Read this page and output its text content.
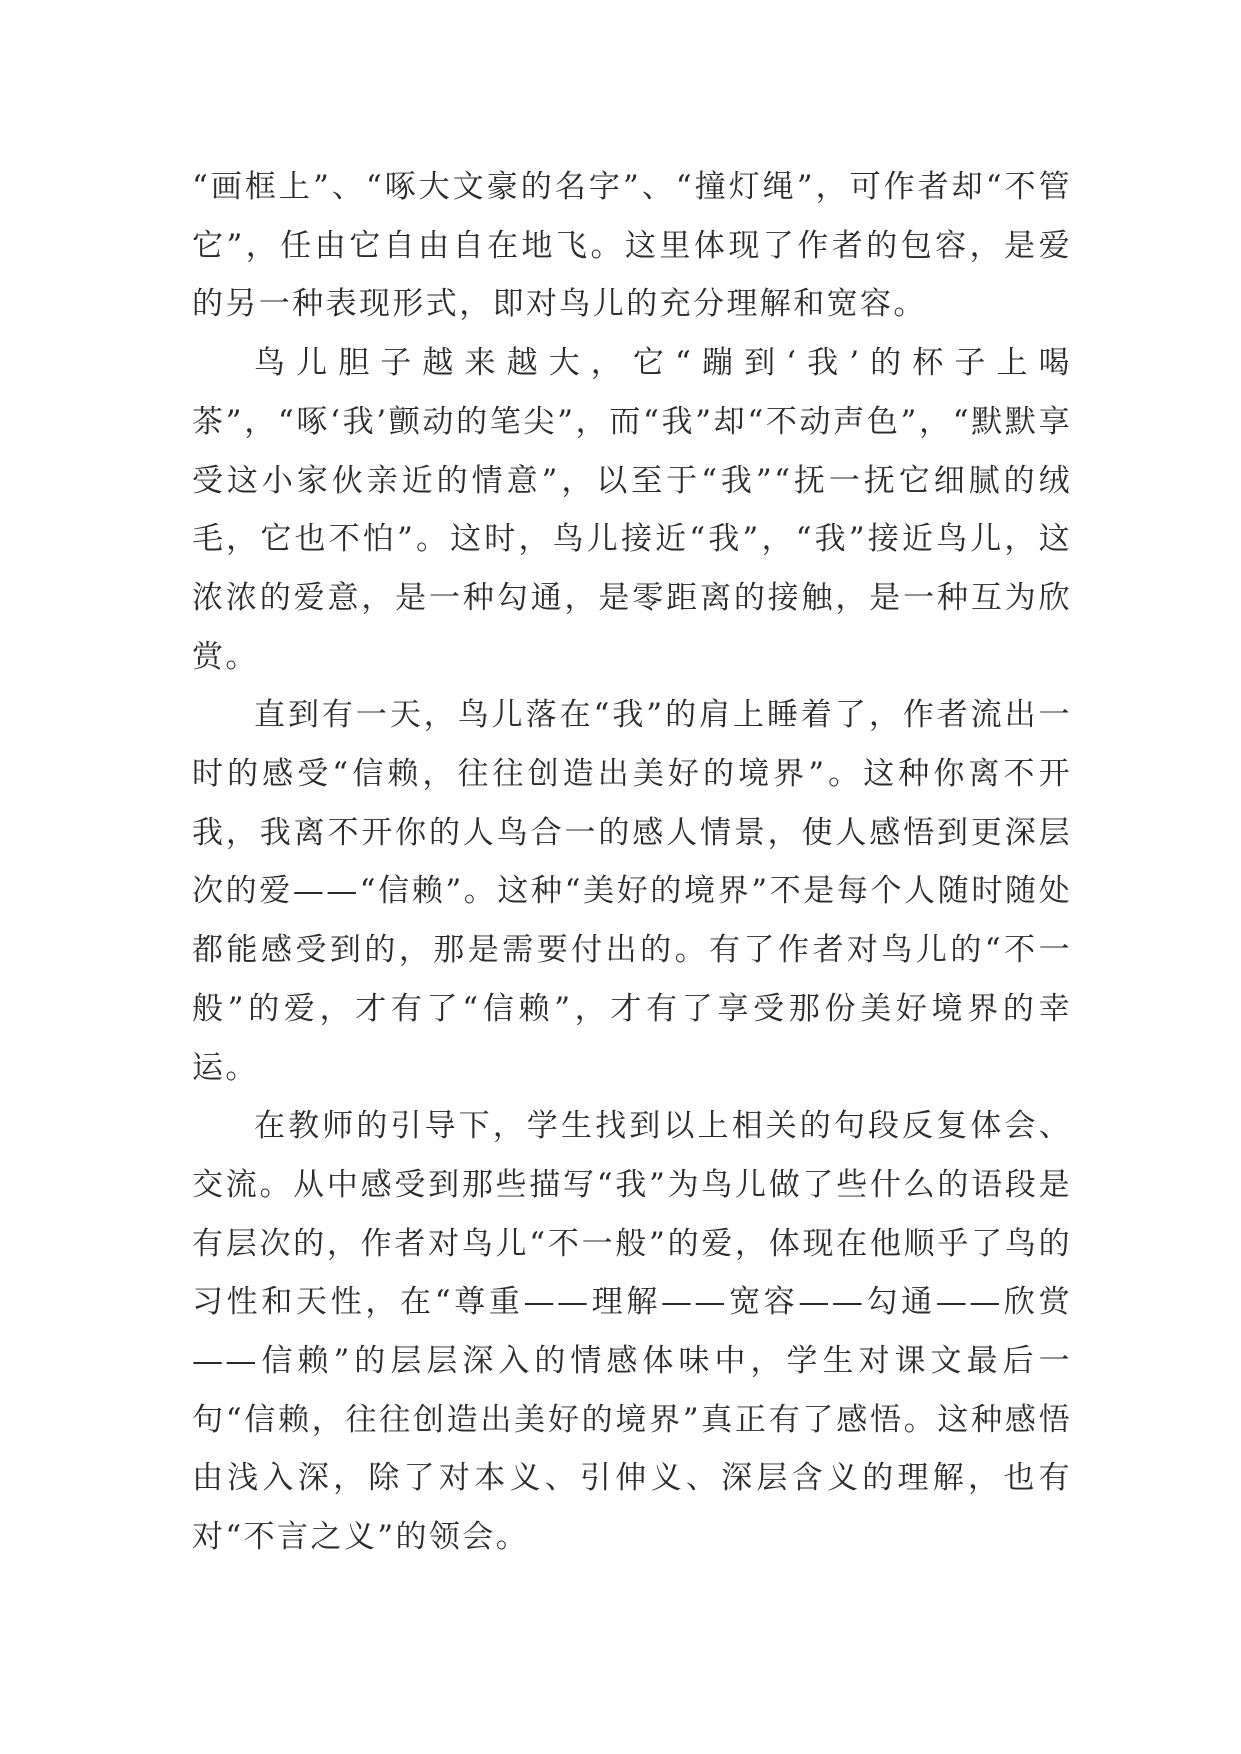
“画框上”、“啄大文豪的名字”、“撞灯绳”，可作者却“不管它”，任由它自由自在地飞。这里体现了作者的包容，是爱的另一种表现形式，即对鸟儿的充分理解和宽容。

鸟儿胆子越来越大，它“蹦到‘我’的杯子上喝茶”，“啄‘我’颤动的笔尖”，而“我”却“不动声色”，“默默享受这小家伙亲近的情意”，以至于“我”“抚一抚它细腻的绒毛，它也不怕”。这时，鸟儿接近“我”，“我”接近鸟儿，这浓浓的爱意，是一种勾通，是零距离的接触，是一种互为欣赏。

直到有一天，鸟儿落在“我”的肩上睡着了，作者流出一时的感受“信赖，往往创造出美好的境界”。这种你离不开我，我离不开你的人鸟合一的感人情景，使人感悟到更深层次的爱——“信赖”。这种“美好的境界”不是每个人随时随处都能感受到的，那是需要付出的。有了作者对鸟儿的“不一般”的爱，才有了“信赖”，才有了享受那份美好境界的幸运。

在教师的引导下，学生找到以上相关的句段反复体会、交流。从中感受到那些描写“我”为鸟儿做了些什么的语段是有层次的，作者对鸟儿“不一般”的爱，体现在他顺乎了鸟的习性和天性，在“尊重——理解——宽容——勾通——欣赏——信赖”的层层深入的情感体味中，学生对课文最后一句“信赖，往往创造出美好的境界”真正有了感悟。这种感悟由浅入深，除了对本义、引伸义、深层含义的理解，也有对“不言之义”的领会。
